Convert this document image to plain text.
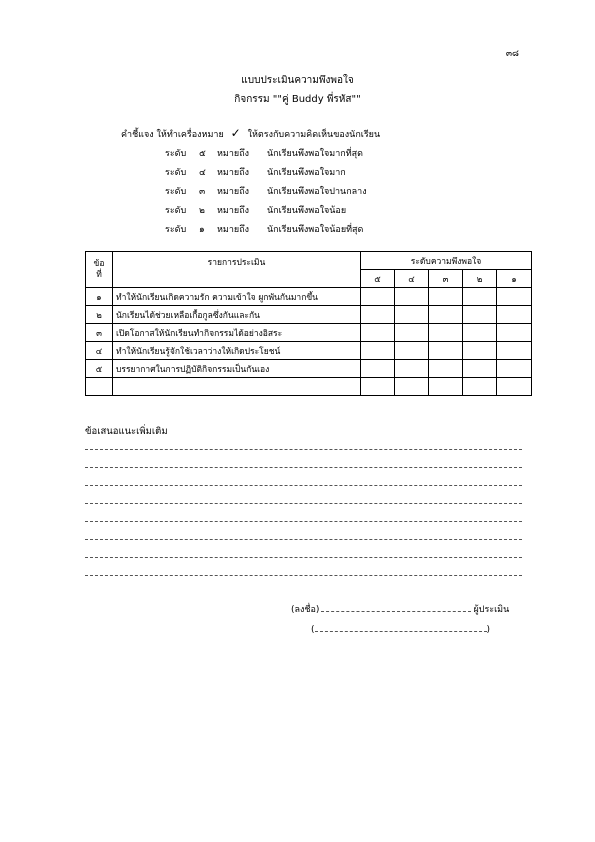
๓๘
แบบประเมินความพึงพอใจ
กิจกรรม ""คู่ Buddy พี่รหัส""
คำชี้แจง ให้ทำเครื่องหมาย ✓ ให้ตรงกับความคิดเห็นของนักเรียน
ระดับ ๕ หมายถึง นักเรียนพึงพอใจมากที่สุด
ระดับ ๔ หมายถึง นักเรียนพึงพอใจมาก
ระดับ ๓ หมายถึง นักเรียนพึงพอใจปานกลาง
ระดับ ๒ หมายถึง นักเรียนพึงพอใจน้อย
ระดับ ๑ หมายถึง นักเรียนพึงพอใจน้อยที่สุด
ข้อ
ที่	รายการประเมิน	ระดับความพึงพอใจ				
		๕	๔	๓	๒	๑
๑	ทำให้นักเรียนเกิดความรัก ความเข้าใจ ผูกพันกันมากขึ้น					
๒	นักเรียนได้ช่วยเหลือเกื้อกูลซึ่งกันและกัน					
๓	เปิดโอกาสให้นักเรียนทำกิจกรรมได้อย่างอิสระ					
๔	ทำให้นักเรียนรู้จักใช้เวลาว่างให้เกิดประโยชน์					
๕	บรรยากาศในการปฏิบัติกิจกรรมเป็นกันเอง					

ข้อเสนอแนะเพิ่มเติม
(ลงชื่อ)	ผู้ประเมิน
(	)
